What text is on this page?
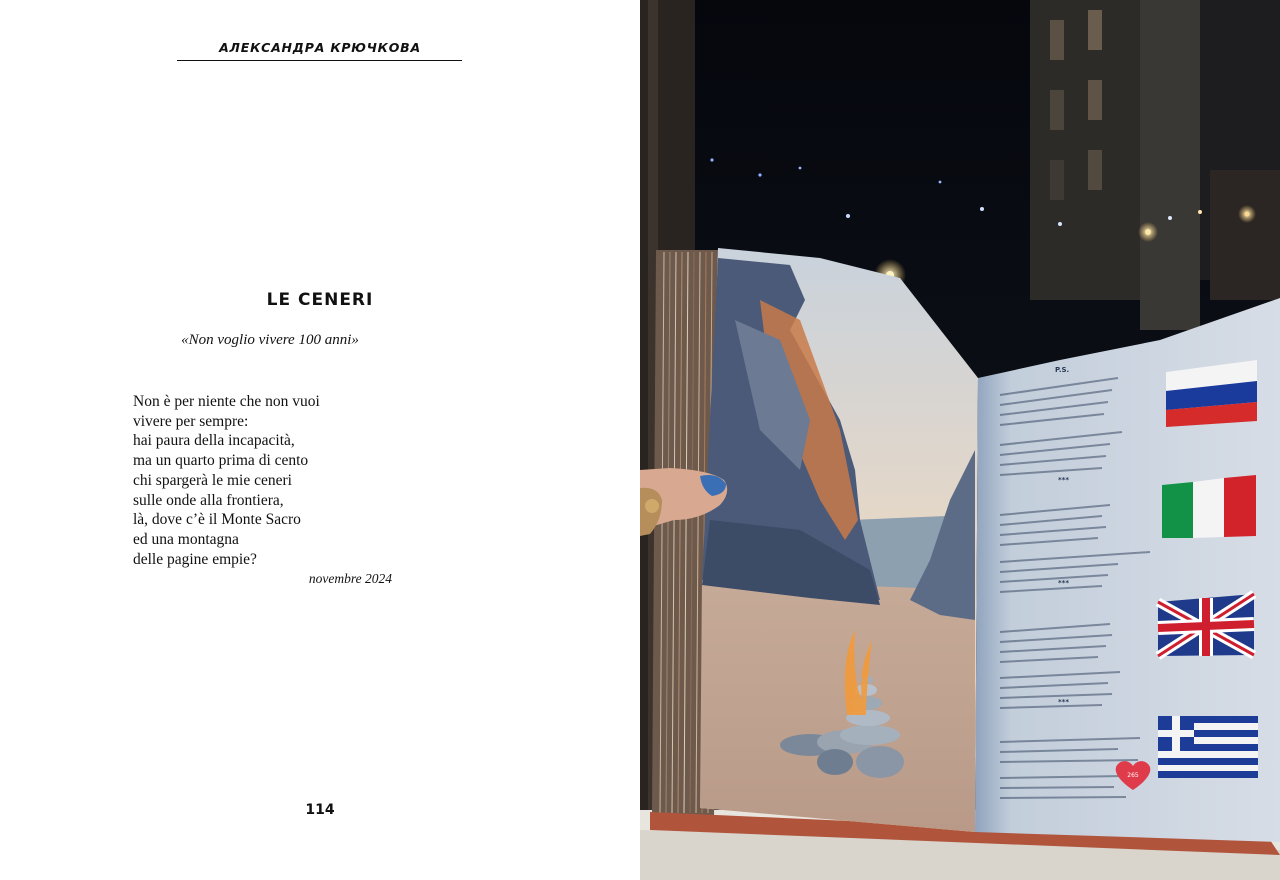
АЛЕКСАНДРА КРЮЧКОВА
LE CENERI
«Non voglio vivere 100 anni»
Non è per niente che non vuoi
vivere per sempre:
hai paura della incapacità,
ma un quarto prima di cento
chi spargerà le mie ceneri
sulle onde alla frontiera,
là, dove c’è il Monte Sacro
ed una montagna
delle pagine empie?
novembre 2024
114
P.S.
***
***
***
265
